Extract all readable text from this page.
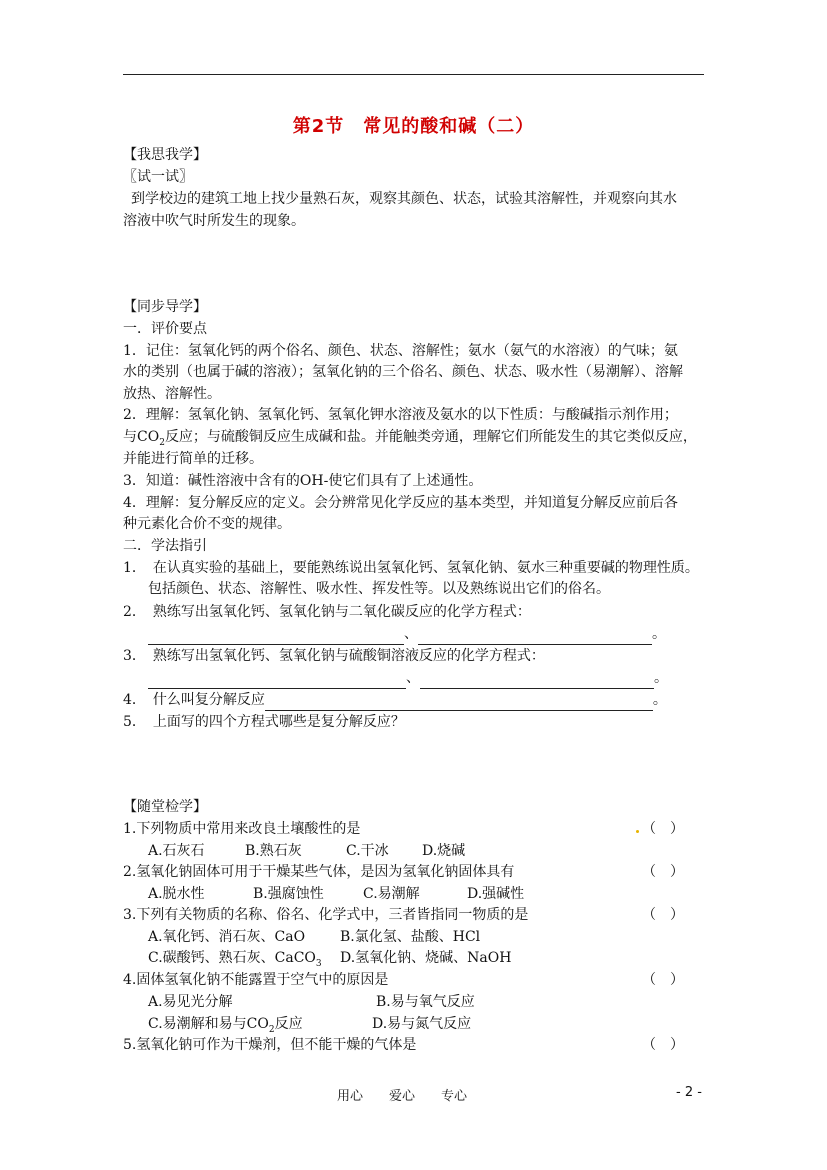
第2节　常见的酸和碱（二）
【我思我学】
〖试一试〗
到学校边的建筑工地上找少量熟石灰，观察其颜色、状态，试验其溶解性，并观察向其水
溶液中吹气时所发生的现象。
【同步导学】
一．评价要点
1．记住：氢氧化钙的两个俗名、颜色、状态、溶解性；氨水（氨气的水溶液）的气味；氨
水的类别（也属于碱的溶液）；氢氧化钠的三个俗名、颜色、状态、吸水性（易潮解）、溶解
放热、溶解性。
2．理解：氢氧化钠、氢氧化钙、氢氧化钾水溶液及氨水的以下性质：与酸碱指示剂作用；
与$CO_2$反应；与硫酸铜反应生成碱和盐。并能触类旁通，理解它们所能发生的其它类似反应，
并能进行简单的迁移。
3．知道：碱性溶液中含有的OH-使它们具有了上述通性。
4．理解：复分解反应的定义。会分辨常见化学反应的基本类型，并知道复分解反应前后各
种元素化合价不变的规律。
二．学法指引
1．　在认真实验的基础上，要能熟练说出氢氧化钙、氢氧化钠、氨水三种重要碱的物理性质。
包括颜色、状态、溶解性、吸水性、挥发性等。以及熟练说出它们的俗名。
2．　熟练写出氢氧化钙、氢氧化钠与二氧化碳反应的化学方程式：
、	。
3．　熟练写出氢氧化钙、氢氧化钠与硫酸铜溶液反应的化学方程式：
、	。
4．　什么叫复分解反应	。
5．　上面写的四个方程式哪些是复分解反应？
【随堂检学】
1.下列物质中常用来改良土壤酸性的是	（　）
A.石灰石	B.熟石灰	C.干冰 D.烧碱
2.氢氧化钠固体可用于干燥某些气体，是因为氢氧化钠固体具有	（　）
A.脱水性	B.强腐蚀性	C.易潮解	D.强碱性
3.下列有关物质的名称、俗名、化学式中，三者皆指同一物质的是	（　）
A.氧化钙、消石灰、CaO B.氯化氢、盐酸、HCl
C.碳酸钙、熟石灰、CaCO$_3$ D.氢氧化钠、烧碱、NaOH
4.固体氢氧化钠不能露置于空气中的原因是	（　）
A.易见光分解	B.易与氧气反应
C.易潮解和易与$CO_2$反应	D.易与氮气反应
5.氢氧化钠可作为干燥剂，但不能干燥的气体是	（　）
用心　　爱心　　专心	- 2 -
